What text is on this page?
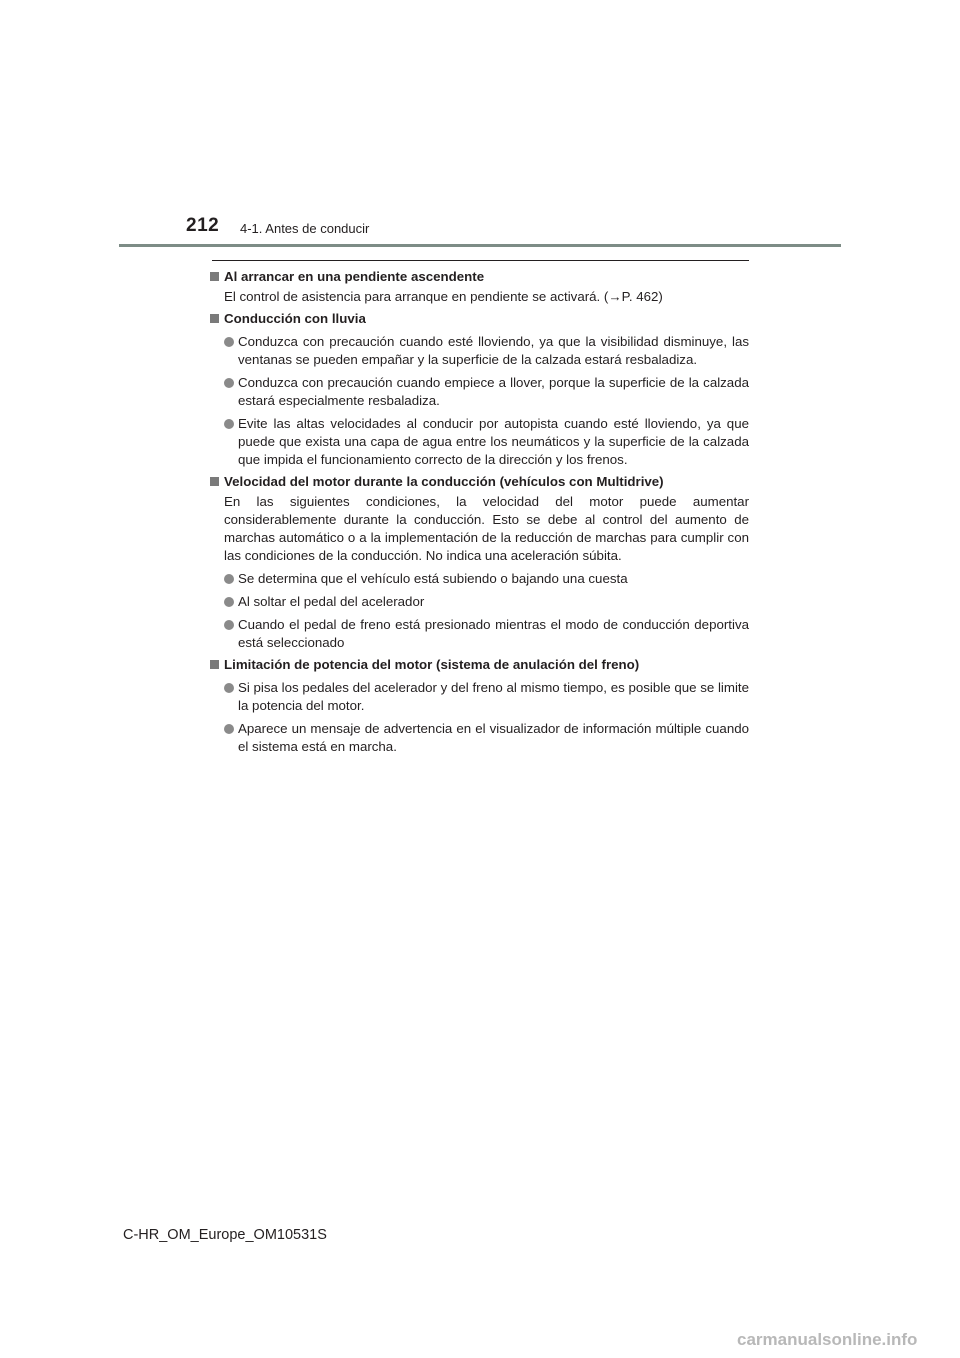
212 4-1. Antes de conducir
Al arrancar en una pendiente ascendente
El control de asistencia para arranque en pendiente se activará. (→P. 462)
Conducción con lluvia
Conduzca con precaución cuando esté lloviendo, ya que la visibilidad disminuye, las ventanas se pueden empañar y la superficie de la calzada estará resbaladiza.
Conduzca con precaución cuando empiece a llover, porque la superficie de la calzada estará especialmente resbaladiza.
Evite las altas velocidades al conducir por autopista cuando esté lloviendo, ya que puede que exista una capa de agua entre los neumáticos y la superficie de la calzada que impida el funcionamiento correcto de la dirección y los frenos.
Velocidad del motor durante la conducción (vehículos con Multidrive)
En las siguientes condiciones, la velocidad del motor puede aumentar considerablemente durante la conducción. Esto se debe al control del aumento de marchas automático o a la implementación de la reducción de marchas para cumplir con las condiciones de la conducción. No indica una aceleración súbita.
Se determina que el vehículo está subiendo o bajando una cuesta
Al soltar el pedal del acelerador
Cuando el pedal de freno está presionado mientras el modo de conducción deportiva está seleccionado
Limitación de potencia del motor (sistema de anulación del freno)
Si pisa los pedales del acelerador y del freno al mismo tiempo, es posible que se limite la potencia del motor.
Aparece un mensaje de advertencia en el visualizador de información múltiple cuando el sistema está en marcha.
C-HR_OM_Europe_OM10531S
carmanualsonline.info
